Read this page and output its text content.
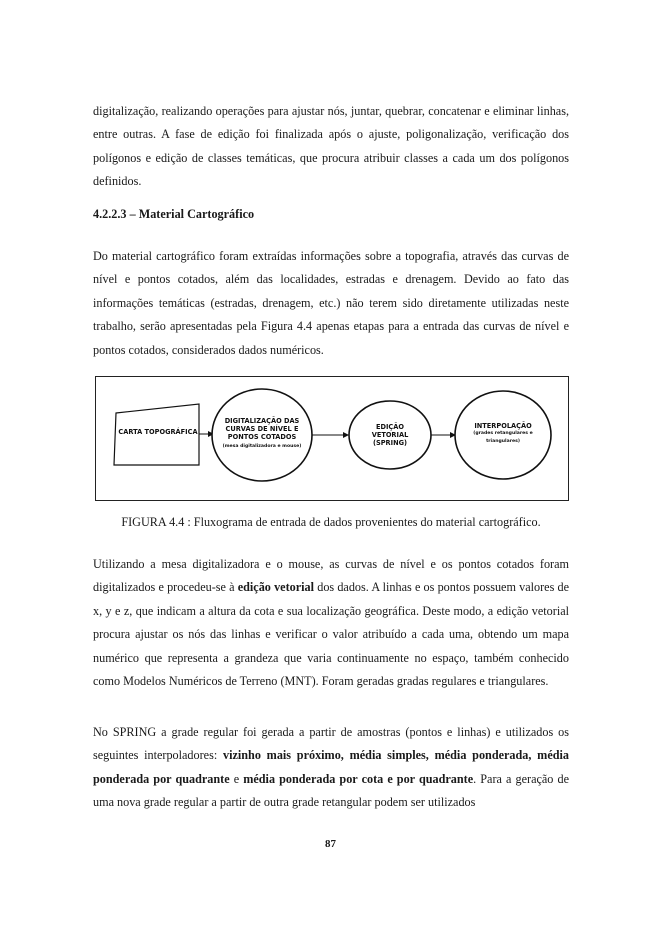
digitalização, realizando operações para ajustar nós, juntar, quebrar, concatenar e eliminar linhas, entre outras. A fase de edição foi finalizada após o ajuste, poligonalização, verificação dos polígonos e edição de classes temáticas, que procura atribuir classes a cada um dos polígonos definidos.

4.2.2.3 – Material Cartográfico

Do material cartográfico foram extraídas informações sobre a topografia, através das curvas de nível e pontos cotados, além das localidades, estradas e drenagem. Devido ao fato das informações temáticas (estradas, drenagem, etc.) não terem sido diretamente utilizadas neste trabalho, serão apresentadas pela Figura 4.4 apenas etapas para a entrada das curvas de nível e pontos cotados, considerados dados numéricos.

CARTA TOPOGRÁFICA
DIGITALIZAÇÃO DAS CURVAS DE NÍVEL E PONTOS COTADOS (mesa digitalizadora e mouse)
EDIÇÃO VETORIAL
(SPRING)
INTERPOLAÇÃO
(grades retangulares e triangulares)

FIGURA 4.4 : Fluxograma de entrada de dados provenientes do material cartográfico.

Utilizando a mesa digitalizadora e o mouse, as curvas de nível e os pontos cotados foram digitalizados e procedeu-se à edição vetorial dos dados. A linhas e os pontos possuem valores de x, y e z, que indicam a altura da cota e sua localização geográfica. Deste modo, a edição vetorial procura ajustar os nós das linhas e verificar o valor atribuído a cada uma, obtendo um mapa numérico que representa a grandeza que varia continuamente no espaço, também conhecido como Modelos Numéricos de Terreno (MNT). Foram geradas gradas regulares e triangulares.

No SPRING a grade regular foi gerada a partir de amostras (pontos e linhas) e utilizados os seguintes interpoladores: vizinho mais próximo, média simples, média ponderada, média ponderada por quadrante e média ponderada por cota e por quadrante. Para a geração de uma nova grade regular a partir de outra grade retangular podem ser utilizados

87
